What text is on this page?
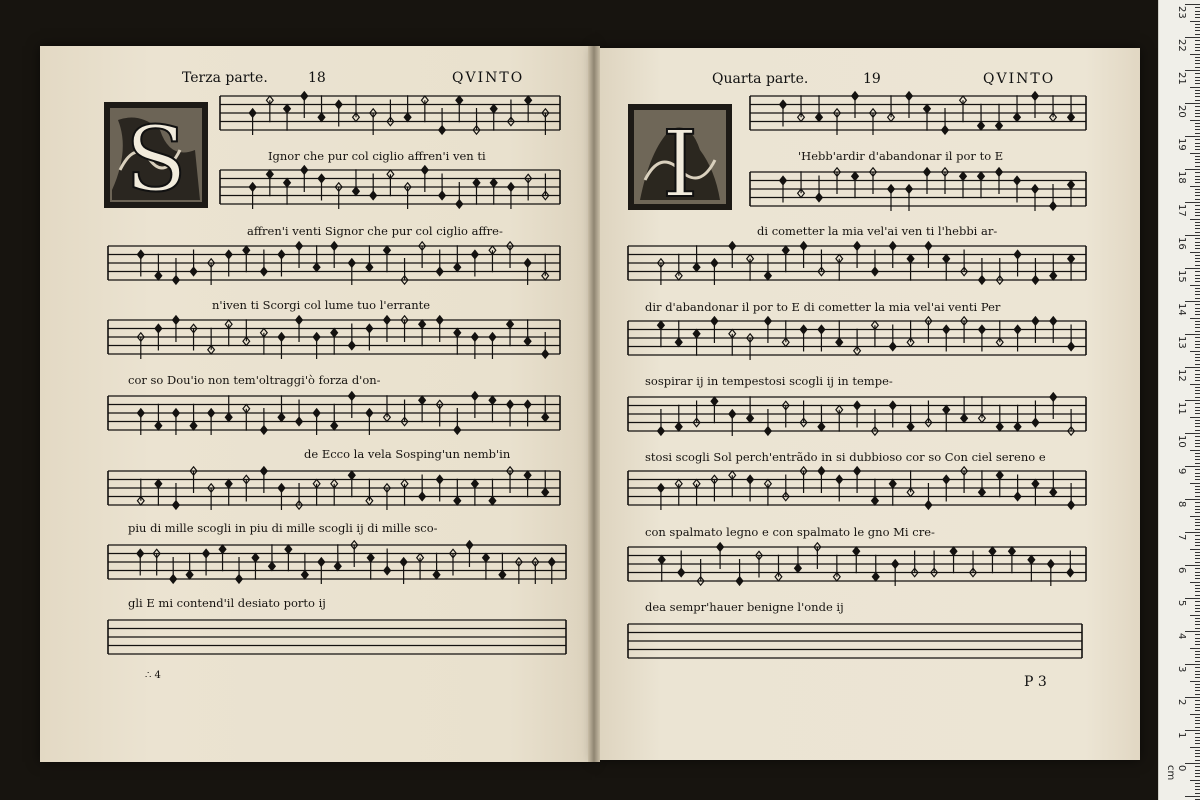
Terza parte.	18	QVINTO	Quarta parte.	19	QVINTO
Ignor che pur col ciglio affren'i ven ti
affren'i venti Signor che pur col ciglio affre-
n'iven ti Scorgi col lume tuo l'errante
cor so Dou'io non tem'oltraggi'ò forza d'on-
de Ecco la vela Sosping'un nemb'in
piu di mille scogli in piu di mille scogli ij di mille sco-
gli E mi contend'il desiato porto ij
∴ 4
'Hebb'ardir d'abandonar il por to E
di cometter la mia vel'ai ven ti l'hebbi ar-
dir d'abandonar il por to E di cometter la mia vel'ai venti Per
sospirar ij in tempestosi scogli ij in tempe-
stosi scogli Sol perch'entrãdo in si dubbioso cor so Con ciel sereno e
con spalmato legno e con spalmato le gno Mi cre-
dea sempr'hauer benigne l'onde ij
P 3
S	I
23
22
21
20
19
18
17
16
15
14
13
12
11
10
9
8
7
6
5
4
3
2
1
0 cm
